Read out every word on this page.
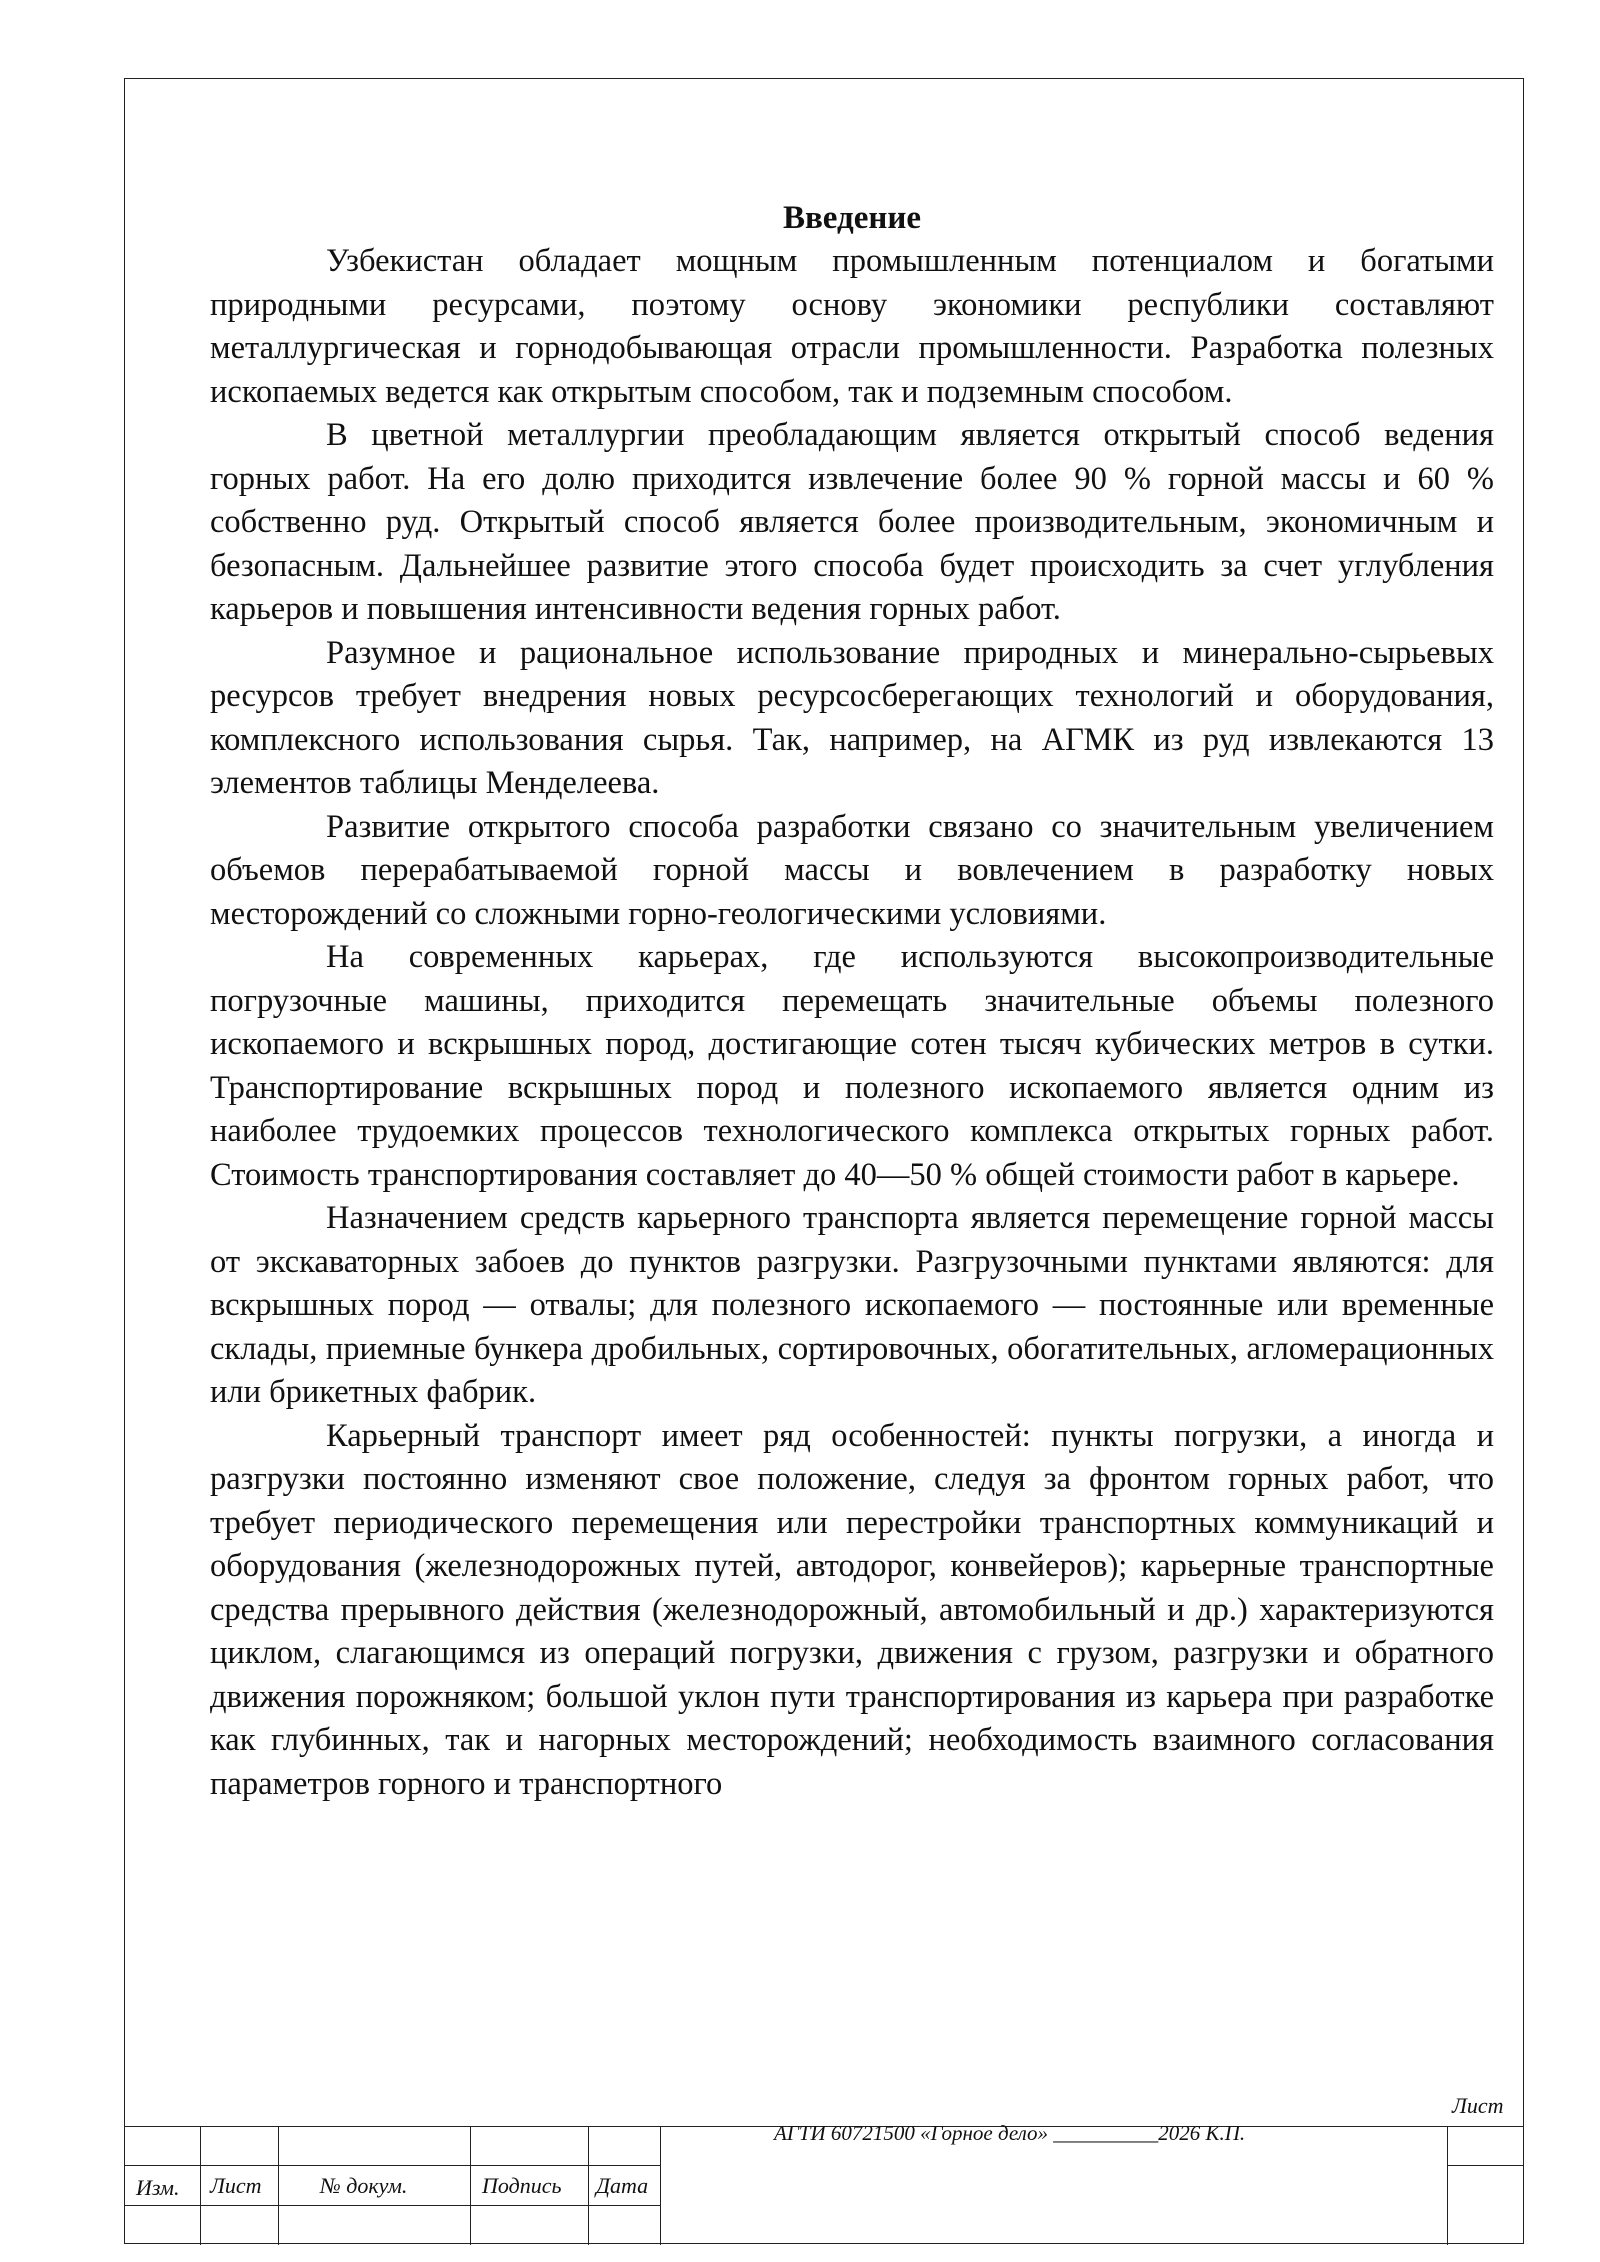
Введение

Узбекистан обладает мощным промышленным потенциалом и богатыми природными ресурсами, поэтому основу экономики республики составляют металлургическая и горнодобывающая отрасли промышленности. Разработка полезных ископаемых ведется как открытым способом, так и подземным способом.

В цветной металлургии преобладающим является открытый способ ведения горных работ. На его долю приходится извлечение более 90 % горной массы и 60 % собственно руд. Открытый способ является более производительным, экономичным и безопасным. Дальнейшее развитие этого способа будет происходить за счет углубления карьеров и повышения интенсивности ведения горных работ.

Разумное и рациональное использование природных и минерально-сырьевых ресурсов требует внедрения новых ресурсосберегающих технологий и оборудования, комплексного использования сырья. Так, например, на АГМК из руд извлекаются 13 элементов таблицы Менделеева.

Развитие открытого способа разработки связано со значительным увеличением объемов перерабатываемой горной массы и вовлечением в разработку новых месторождений со сложными горно-геологическими условиями.

На современных карьерах, где используются высокопроизводительные погрузочные машины, приходится перемещать значительные объемы полезного ископаемого и вскрышных пород, достигающие сотен тысяч кубических метров в сутки. Транспортирование вскрышных пород и полезного ископаемого является одним из наиболее трудоемких процессов технологического комплекса открытых горных работ. Стоимость транспортирования составляет до 40—50 % общей стоимости работ в карьере.

Назначением средств карьерного транспорта является перемещение горной массы от экскаваторных забоев до пунктов разгрузки. Разгрузочными пунктами являются: для вскрышных пород — отвалы; для полезного ископаемого — постоянные или временные склады, приемные бункера дробильных, сортировочных, обогатительных, агломерационных или брикетных фабрик.

Карьерный транспорт имеет ряд особенностей: пункты погрузки, а иногда и разгрузки постоянно изменяют свое положение, следуя за фронтом горных работ, что требует периодического перемещения или перестройки транспортных коммуникаций и оборудования (железнодорожных путей, автодорог, конвейеров); карьерные транспортные средства прерывного действия (железнодорожный, автомобильный и др.) характеризуются циклом, слагающимся из операций погрузки, движения с грузом, разгрузки и обратного движения порожняком; большой уклон пути транспортирования из карьера при разработке как глубинных, так и нагорных месторождений; необходимость взаимного согласования параметров горного и транспортного

Изм. Лист	№ докум.	Подпись Дата
АГТИ 60721500 «Горное дело» __________2026 К.П.
Лист
